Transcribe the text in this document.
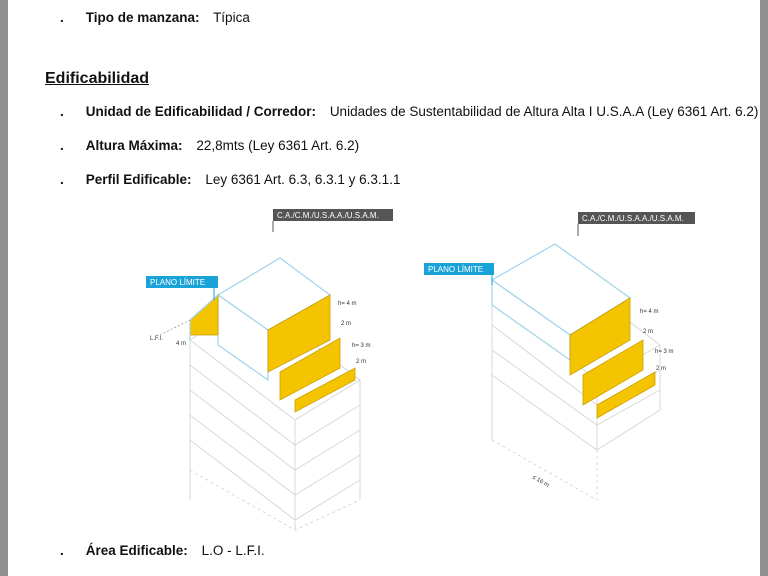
. Tipo de manzana: Típica
Edificabilidad
. Unidad de Edificabilidad / Corredor: Unidades de Sustentabilidad de Altura Alta I U.S.A.A (Ley 6361 Art. 6.2)
. Altura Máxima: 22,8mts (Ley 6361 Art. 6.2)
. Perfil Edificable: Ley 6361 Art. 6.3, 6.3.1 y 6.3.1.1
C.A./C.M./U.S.A.A./U.S.A.M.
PLANO LÍMITE
h= 4 m
2 m
h= 3 m
2 m
4 m
L.F.I.
C.A./C.M./U.S.A.A./U.S.A.M.
PLANO LÍMITE
h= 4 m
2 m
h= 3 m
2 m
≤ 16 m
. Área Edificable: L.O - L.F.I.
